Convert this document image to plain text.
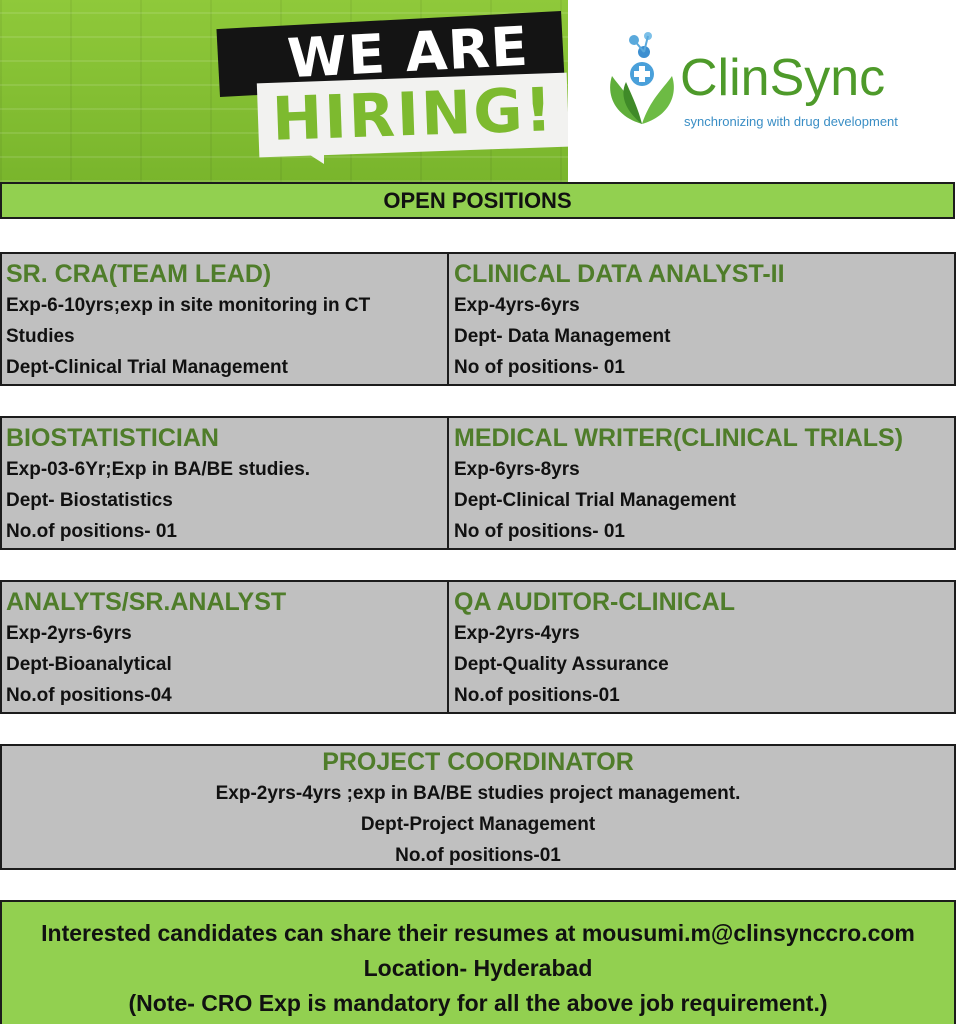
WE ARE
HIRING! ClinSync
synchronizing with drug development
OPEN POSITIONS
SR. CRA(TEAM LEAD)
Exp-6-10yrs;exp in site monitoring in CT Studies
Dept-Clinical Trial Management
CLINICAL DATA ANALYST-II
Exp-4yrs-6yrs
Dept- Data Management
No of positions- 01
BIOSTATISTICIAN
Exp-03-6Yr;Exp in BA/BE studies.
Dept- Biostatistics
No.of positions- 01
MEDICAL WRITER(CLINICAL TRIALS)
Exp-6yrs-8yrs
Dept-Clinical Trial Management
No of positions- 01
ANALYTS/SR.ANALYST
Exp-2yrs-6yrs
Dept-Bioanalytical
No.of positions-04
QA AUDITOR-CLINICAL
Exp-2yrs-4yrs
Dept-Quality Assurance
No.of positions-01
PROJECT COORDINATOR
Exp-2yrs-4yrs ;exp in BA/BE studies project management.
Dept-Project Management
No.of positions-01
Interested candidates can share their resumes at mousumi.m@clinsynccro.com
Location- Hyderabad
(Note- CRO Exp is mandatory for all the above job requirement.)
